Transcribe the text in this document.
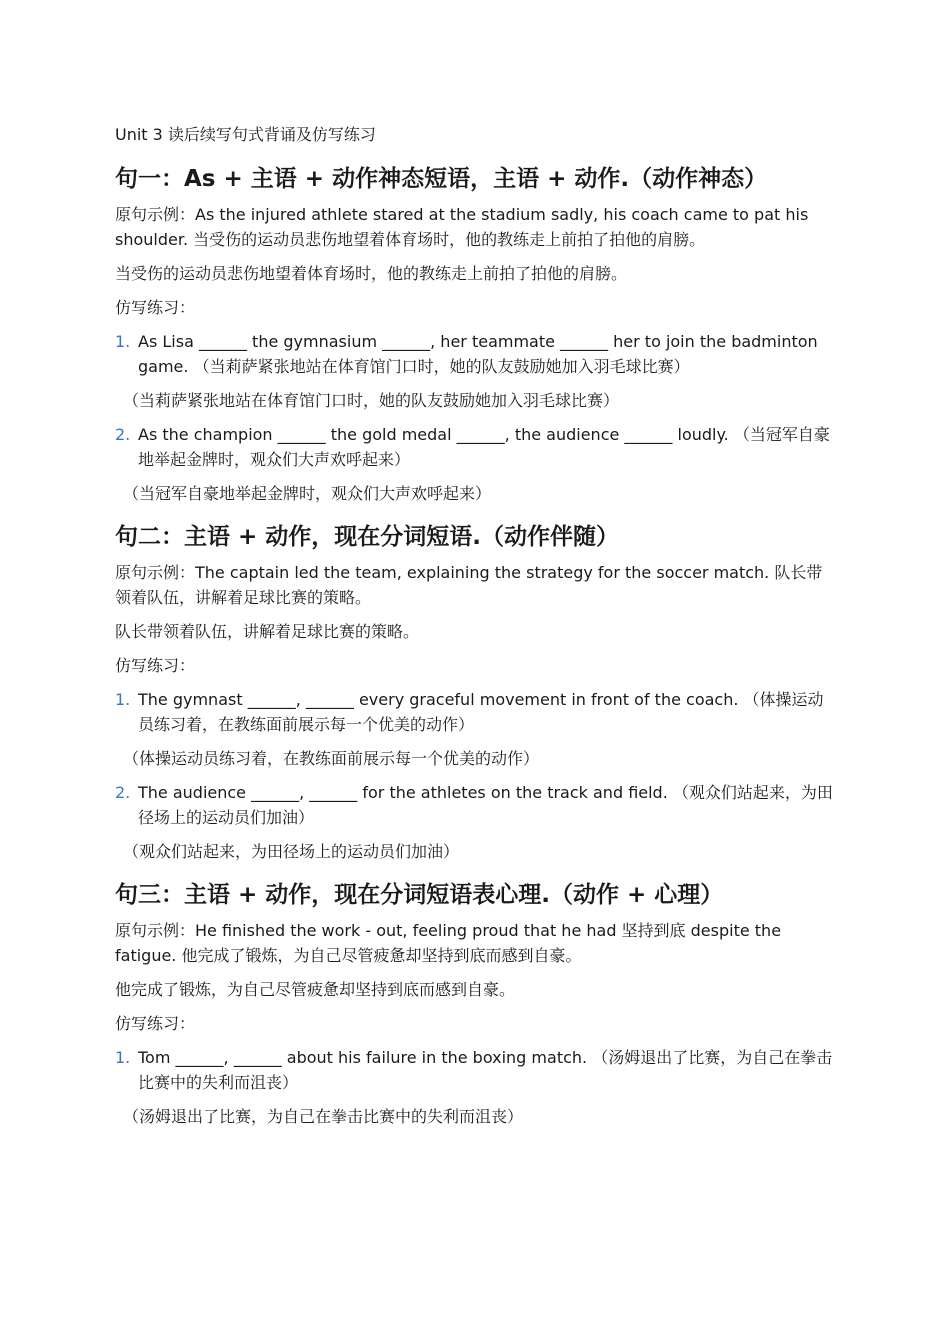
Unit 3 读后续写句式背诵及仿写练习
句一：As + 主语 + 动作神态短语，主语 + 动作.（动作神态）
原句示例：As the injured athlete stared at the stadium sadly, his coach came to pat his shoulder. 当受伤的运动员悲伤地望着体育场时，他的教练走上前拍了拍他的肩膀。
当受伤的运动员悲伤地望着体育场时，他的教练走上前拍了拍他的肩膀。
仿写练习：
1. As Lisa ______ the gymnasium ______, her teammate ______ her to join the badminton game. （当莉萨紧张地站在体育馆门口时，她的队友鼓励她加入羽毛球比赛）
（当莉萨紧张地站在体育馆门口时，她的队友鼓励她加入羽毛球比赛）
2. As the champion ______ the gold medal ______, the audience ______ loudly. （当冠军自豪地举起金牌时，观众们大声欢呼起来）
（当冠军自豪地举起金牌时，观众们大声欢呼起来）
句二：主语 + 动作，现在分词短语.（动作伴随）
原句示例：The captain led the team, explaining the strategy for the soccer match. 队长带领着队伍，讲解着足球比赛的策略。
队长带领着队伍，讲解着足球比赛的策略。
仿写练习：
1. The gymnast ______, ______ every graceful movement in front of the coach. （体操运动员练习着，在教练面前展示每一个优美的动作）
（体操运动员练习着，在教练面前展示每一个优美的动作）
2. The audience ______, ______ for the athletes on the track and field. （观众们站起来，为田径场上的运动员们加油）
（观众们站起来，为田径场上的运动员们加油）
句三：主语 + 动作，现在分词短语表心理.（动作 + 心理）
原句示例：He finished the work - out, feeling proud that he had 坚持到底 despite the fatigue. 他完成了锻炼，为自己尽管疲惫却坚持到底而感到自豪。
他完成了锻炼，为自己尽管疲惫却坚持到底而感到自豪。
仿写练习：
1. Tom ______, ______ about his failure in the boxing match. （汤姆退出了比赛，为自己在拳击比赛中的失利而沮丧）
（汤姆退出了比赛，为自己在拳击比赛中的失利而沮丧）
